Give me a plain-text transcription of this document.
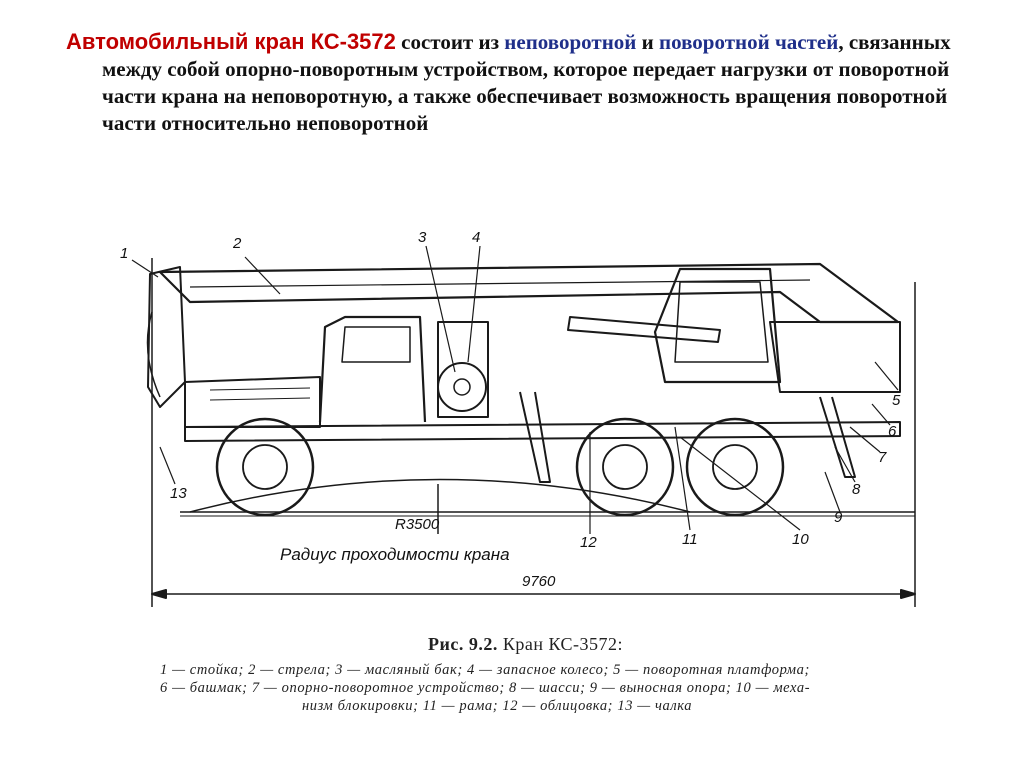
Автомобильный кран КС-3572 состоит из неповоротной и поворотной частей, связанных между собой опорно-поворотным устройством, которое передает нагрузки от поворотной части крана на неповоротную, а также обеспечивает возможность вращения поворотной части относительно неповоротной
1
2	3	4
5
6
7
8
9
10
11
12
13
R3500
Радиус проходимости крана
9760
Рис. 9.2. Кран КС-3572:
1 — стойка; 2 — стрела; 3 — масляный бак; 4 — запасное колесо; 5 — поворотная платформа;
6 — башмак; 7 — опорно-поворотное устройство; 8 — шасси; 9 — выносная опора; 10 — меха-
низм блокировки; 11 — рама; 12 — облицовка; 13 — чалка
